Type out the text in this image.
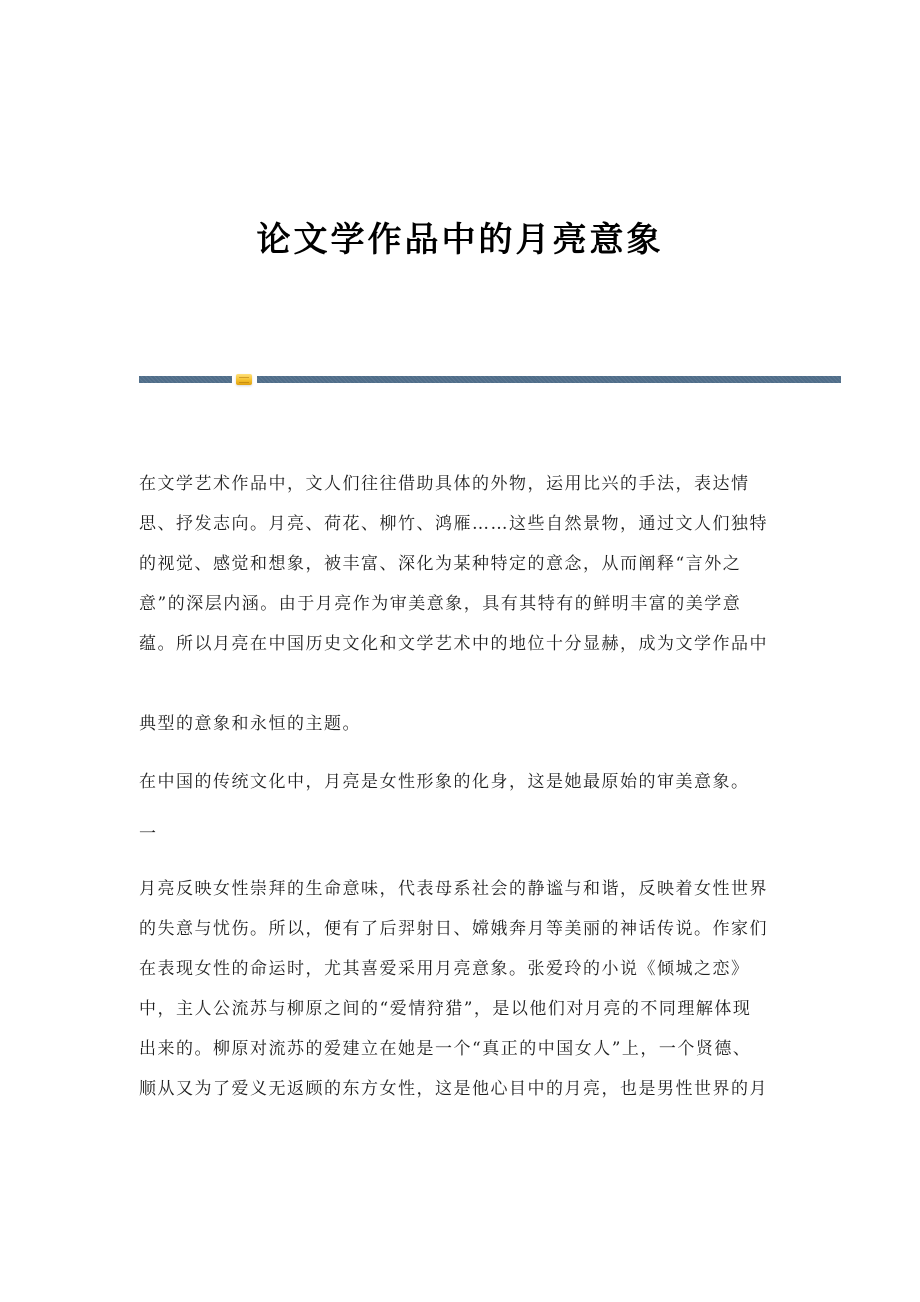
论文学作品中的月亮意象
在文学艺术作品中，文人们往往借助具体的外物，运用比兴的手法，表达情
思、抒发志向。月亮、荷花、柳竹、鸿雁……这些自然景物，通过文人们独特
的视觉、感觉和想象，被丰富、深化为某种特定的意念，从而阐释“言外之
意”的深层内涵。由于月亮作为审美意象，具有其特有的鲜明丰富的美学意
蕴。所以月亮在中国历史文化和文学艺术中的地位十分显赫，成为文学作品中
典型的意象和永恒的主题。
在中国的传统文化中，月亮是女性形象的化身，这是她最原始的审美意象。
一
月亮反映女性崇拜的生命意味，代表母系社会的静谧与和谐，反映着女性世界
的失意与忧伤。所以，便有了后羿射日、嫦娥奔月等美丽的神话传说。作家们
在表现女性的命运时，尤其喜爱采用月亮意象。张爱玲的小说《倾城之恋》
中，主人公流苏与柳原之间的“爱情狩猎”，是以他们对月亮的不同理解体现
出来的。柳原对流苏的爱建立在她是一个“真正的中国女人”上，一个贤德、
顺从又为了爱义无返顾的东方女性，这是他心目中的月亮，也是男性世界的月
